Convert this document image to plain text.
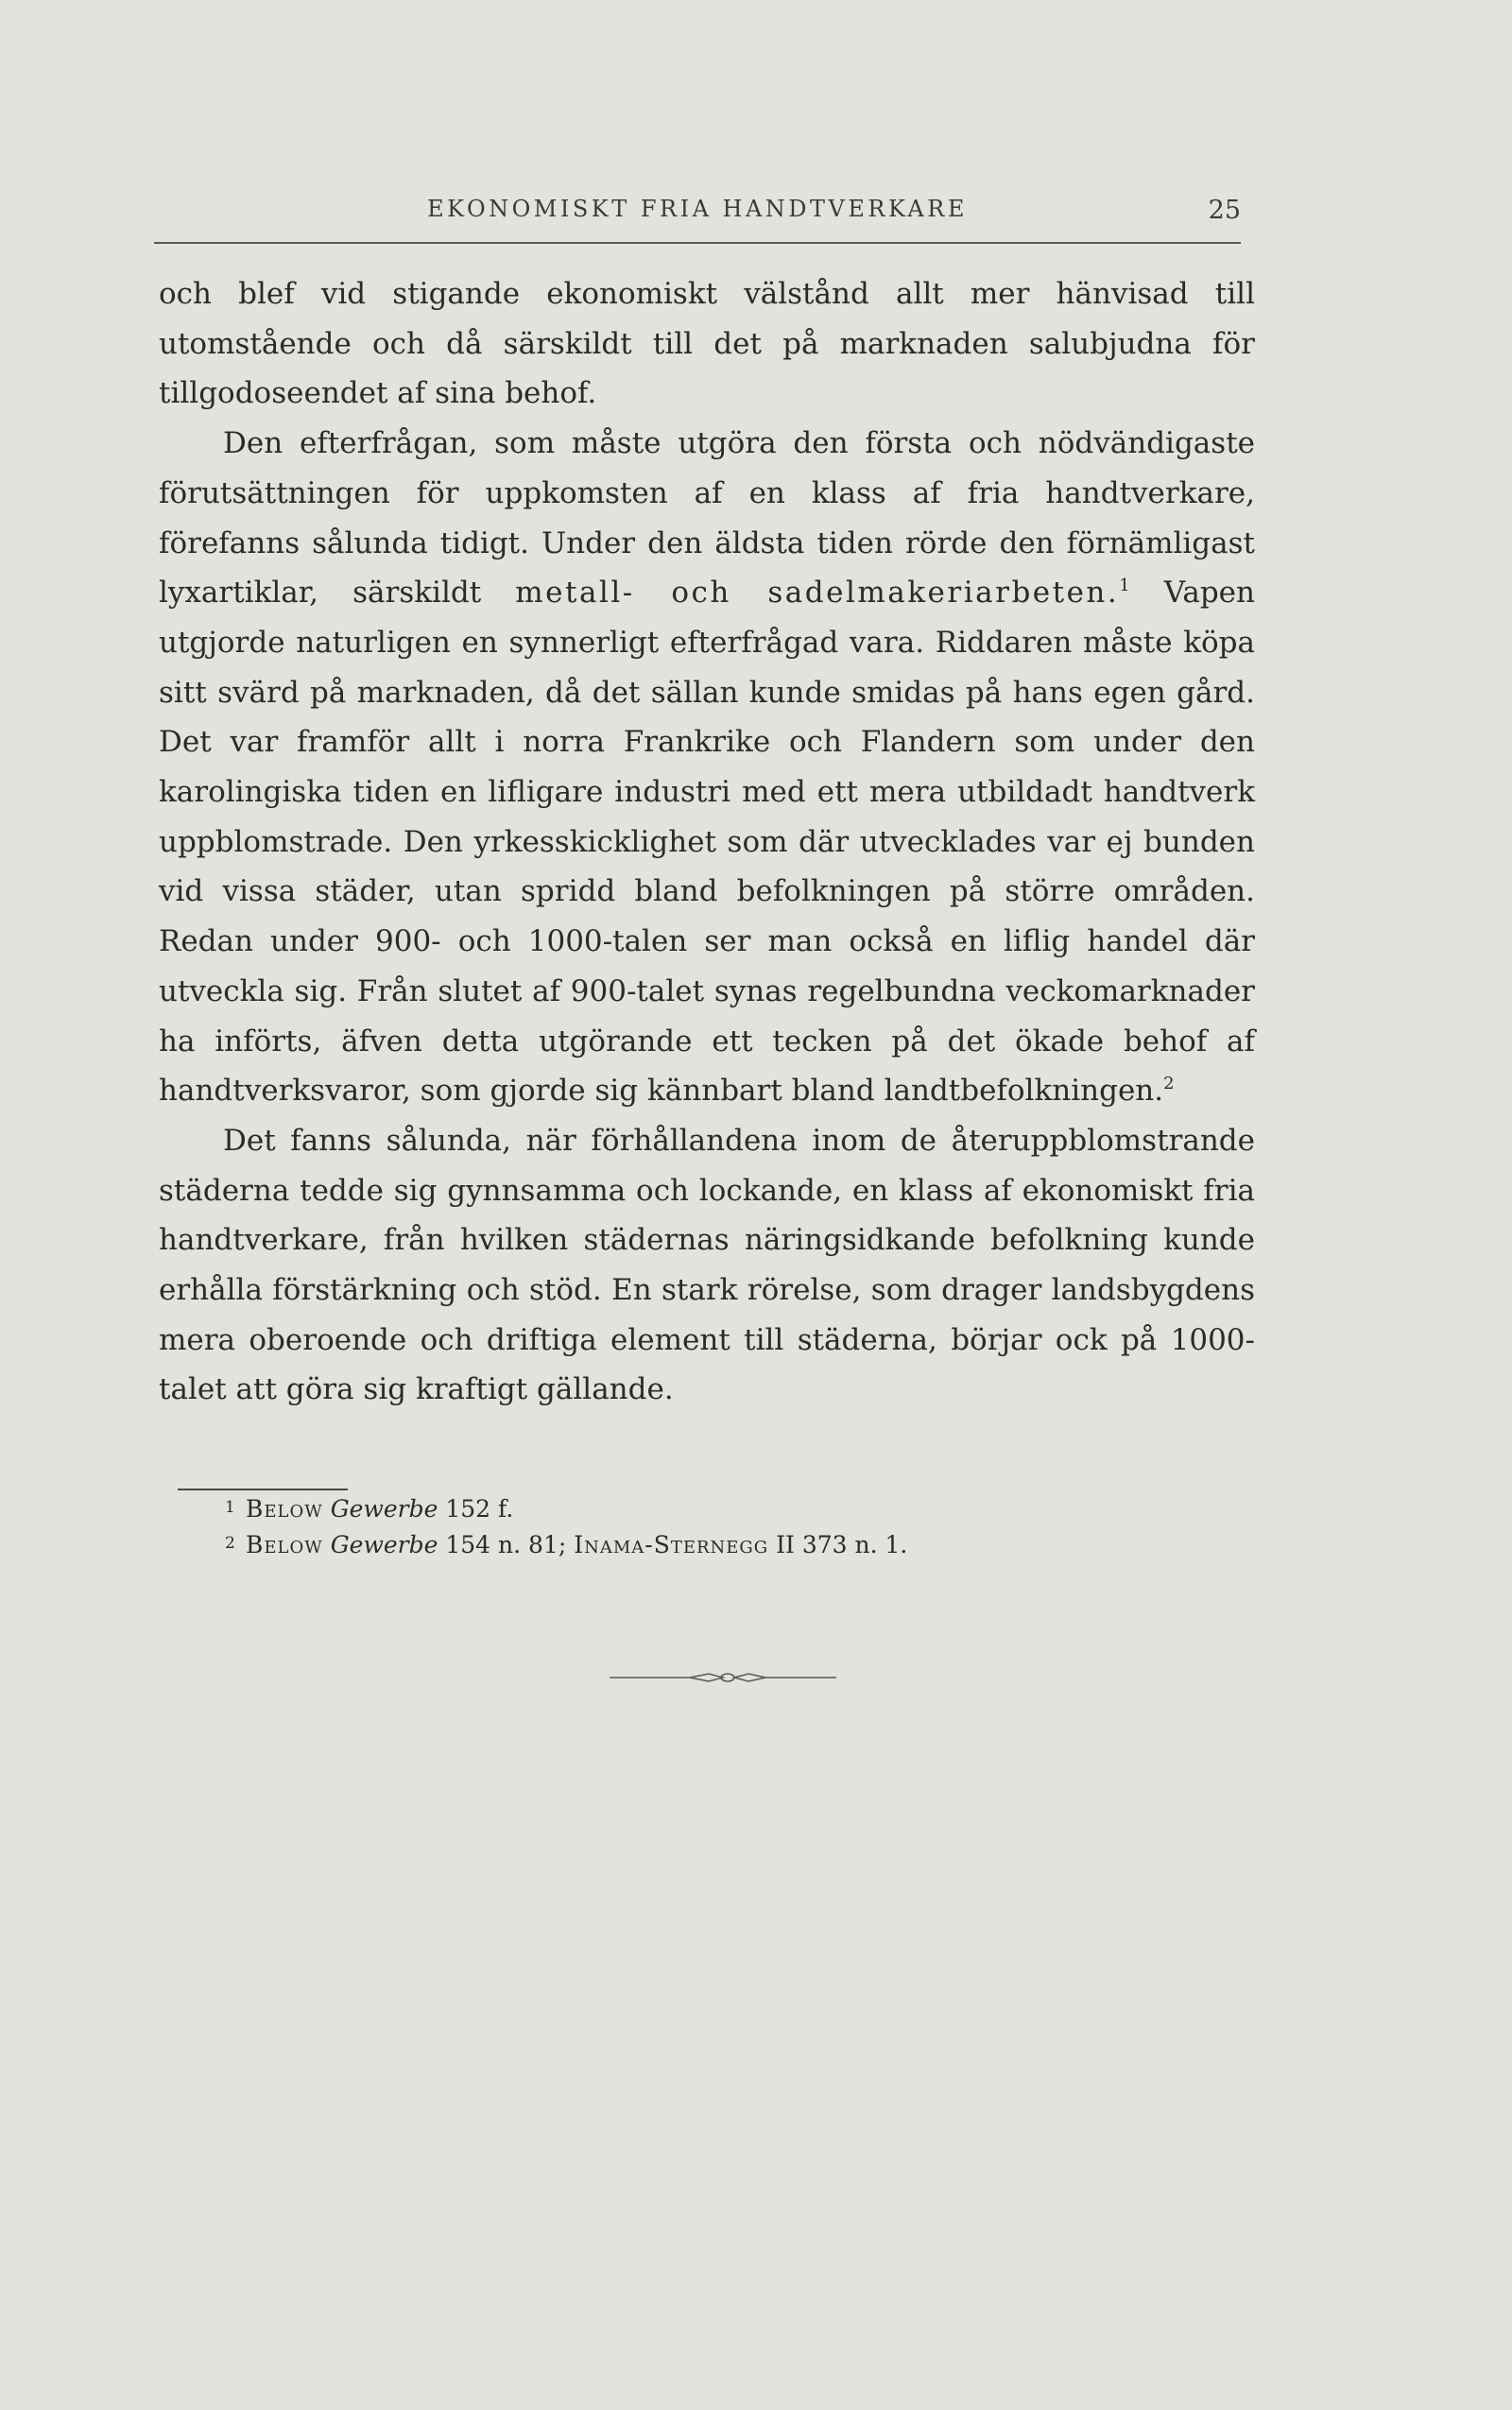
EKONOMISKT FRIA HANDTVERKARE	25

och blef vid stigande ekonomiskt välstånd allt mer hänvisad till utomstående och då särskildt till det på marknaden salubjudna för tillgodoseendet af sina behof.

Den efterfrågan, som måste utgöra den första och nödvändigaste förutsättningen för uppkomsten af en klass af fria handtverkare, förefanns sålunda tidigt. Under den äldsta tiden rörde den förnämligast lyxartiklar, särskildt metall- och sadelmakeriarbeten.$^1$ Vapen utgjorde naturligen en synnerligt efterfrågad vara. Riddaren måste köpa sitt svärd på marknaden, då det sällan kunde smidas på hans egen gård. Det var framför allt i norra Frankrike och Flandern som under den karolingiska tiden en lifligare industri med ett mera utbildadt handtverk uppblomstrade. Den yrkesskicklighet som där utvecklades var ej bunden vid vissa städer, utan spridd bland befolkningen på större områden. Redan under 900- och 1000-talen ser man också en liflig handel där utveckla sig. Från slutet af 900-talet synas regelbundna veckomarknader ha införts, äfven detta utgörande ett tecken på det ökade behof af handtverksvaror, som gjorde sig kännbart bland landtbefolkningen.$^2$

Det fanns sålunda, när förhållandena inom de återuppblomstrande städerna tedde sig gynnsamma och lockande, en klass af ekonomiskt fria handtverkare, från hvilken städernas näringsidkande befolkning kunde erhålla förstärkning och stöd. En stark rörelse, som drager landsbygdens mera oberoende och driftiga element till städerna, börjar ock på 1000-talet att göra sig kraftigt gällande.

1 Below Gewerbe 152 f.
2 Below Gewerbe 154 n. 81; Inama-Sternegg II 373 n. 1.
